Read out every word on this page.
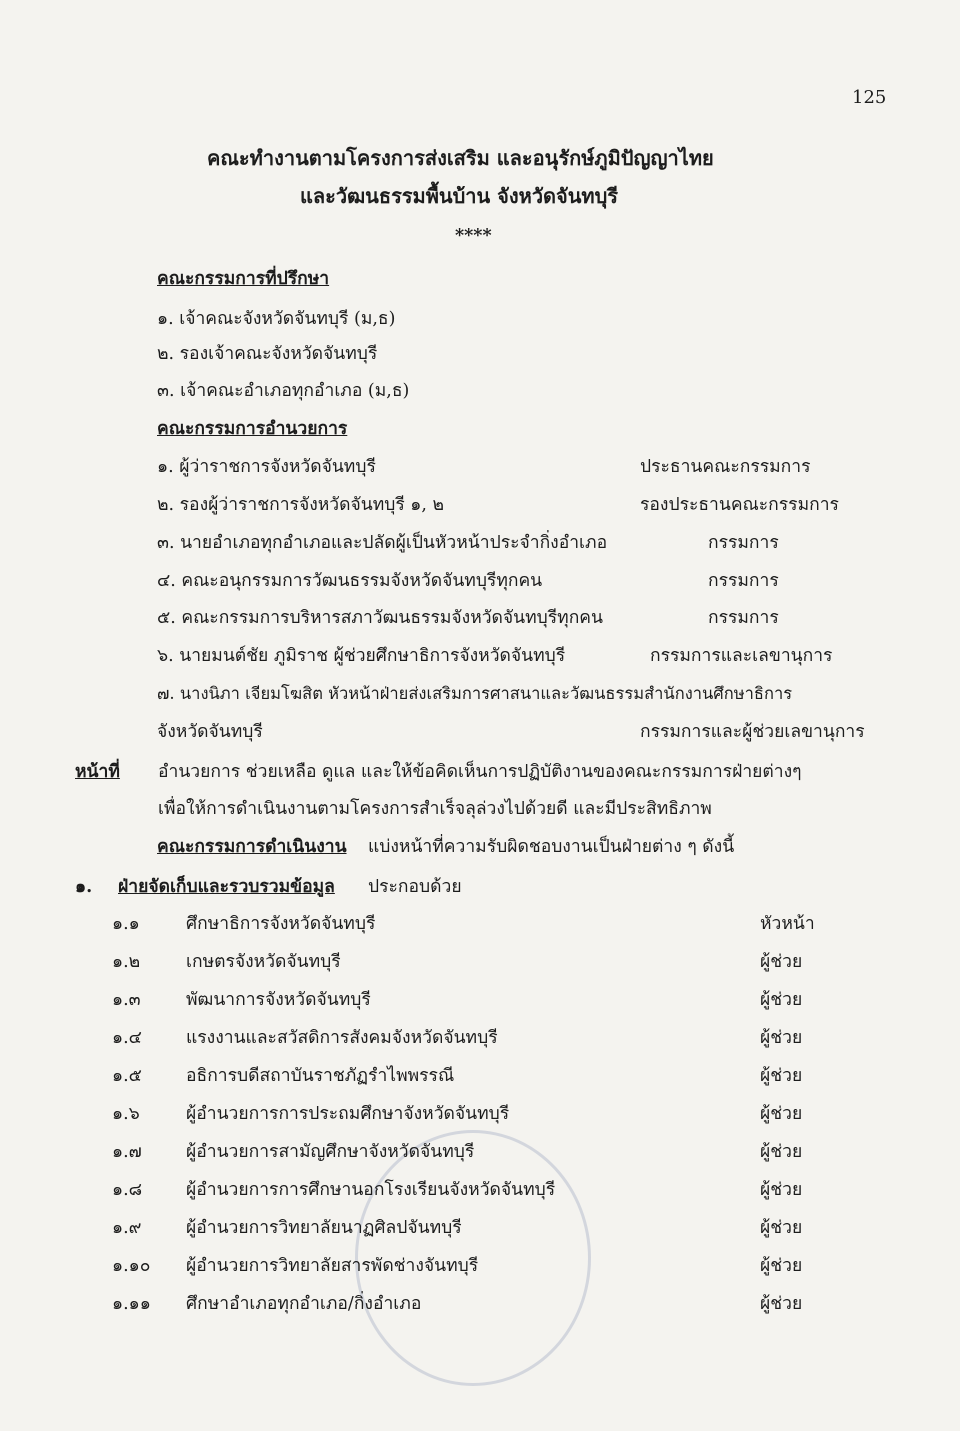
125
คณะทำงานตามโครงการส่งเสริม และอนุรักษ์ภูมิปัญญาไทย
และวัฒนธรรมพื้นบ้าน จังหวัดจันทบุรี
****
คณะกรรมการที่ปรึกษา
๑. เจ้าคณะจังหวัดจันทบุรี (ม,ธ)
๒. รองเจ้าคณะจังหวัดจันทบุรี
๓. เจ้าคณะอำเภอทุกอำเภอ (ม,ธ)
คณะกรรมการอำนวยการ
๑. ผู้ว่าราชการจังหวัดจันทบุรี	ประธานคณะกรรมการ
๒. รองผู้ว่าราชการจังหวัดจันทบุรี ๑, ๒	รองประธานคณะกรรมการ
๓. นายอำเภอทุกอำเภอและปลัดผู้เป็นหัวหน้าประจำกิ่งอำเภอ	กรรมการ
๔. คณะอนุกรรมการวัฒนธรรมจังหวัดจันทบุรีทุกคน	กรรมการ
๕. คณะกรรมการบริหารสภาวัฒนธรรมจังหวัดจันทบุรีทุกคน	กรรมการ
๖. นายมนต์ชัย ภูมิราช ผู้ช่วยศึกษาธิการจังหวัดจันทบุรี	กรรมการและเลขานุการ
๗. นางนิภา เจียมโฆสิต หัวหน้าฝ่ายส่งเสริมการศาสนาและวัฒนธรรมสำนักงานศึกษาธิการ
จังหวัดจันทบุรี	กรรมการและผู้ช่วยเลขานุการ
หน้าที่ อำนวยการ ช่วยเหลือ ดูแล และให้ข้อคิดเห็นการปฏิบัติงานของคณะกรรมการฝ่ายต่างๆ
เพื่อให้การดำเนินงานตามโครงการสำเร็จลุล่วงไปด้วยดี และมีประสิทธิภาพ
คณะกรรมการดำเนินงาน แบ่งหน้าที่ความรับผิดชอบงานเป็นฝ่ายต่าง ๆ ดังนี้
๑. ฝ่ายจัดเก็บและรวบรวมข้อมูล ประกอบด้วย
๑.๑	ศึกษาธิการจังหวัดจันทบุรี	หัวหน้า
๑.๒	เกษตรจังหวัดจันทบุรี	ผู้ช่วย
๑.๓	พัฒนาการจังหวัดจันทบุรี	ผู้ช่วย
๑.๔	แรงงานและสวัสดิการสังคมจังหวัดจันทบุรี	ผู้ช่วย
๑.๕	อธิการบดีสถาบันราชภัฏรำไพพรรณี	ผู้ช่วย
๑.๖	ผู้อำนวยการการประถมศึกษาจังหวัดจันทบุรี	ผู้ช่วย
๑.๗	ผู้อำนวยการสามัญศึกษาจังหวัดจันทบุรี	ผู้ช่วย
๑.๘	ผู้อำนวยการการศึกษานอกโรงเรียนจังหวัดจันทบุรี	ผู้ช่วย
๑.๙	ผู้อำนวยการวิทยาลัยนาฏศิลปจันทบุรี	ผู้ช่วย
๑.๑๐ ผู้อำนวยการวิทยาลัยสารพัดช่างจันทบุรี	ผู้ช่วย
๑.๑๑ ศึกษาอำเภอทุกอำเภอ/กิ่งอำเภอ	ผู้ช่วย
